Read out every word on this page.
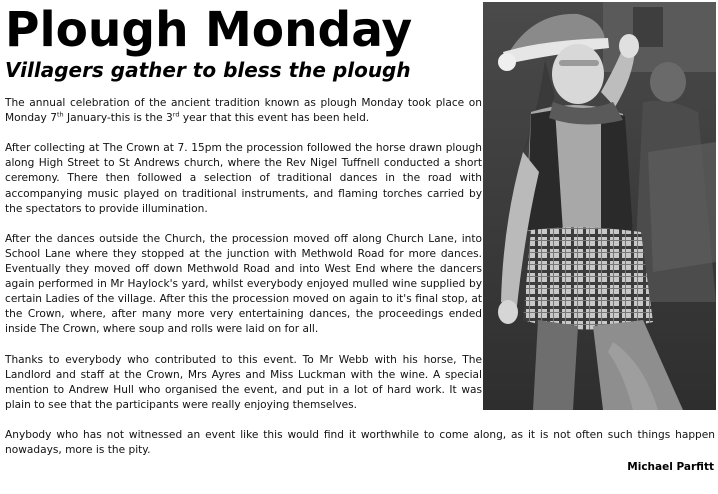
Plough Monday
Villagers gather to bless the plough

The annual celebration of the ancient tradition known as plough Monday took place on Monday 7th January-this is the 3rd year that this event has been held.

After collecting at The Crown at 7. 15pm the procession followed the horse drawn plough along High Street to St Andrews church, where the Rev Nigel Tuffnell conducted a short ceremony. There then followed a selection of traditional dances in the road with accompanying music played on traditional instruments, and flaming torches carried by the spectators to provide illumination.

After the dances outside the Church, the procession moved off along Church Lane, into School Lane where they stopped at the junction with Methwold Road for more dances. Eventually they moved off down Methwold Road and into West End where the dancers again performed in Mr Haylock's yard, whilst everybody enjoyed mulled wine supplied by certain Ladies of the village. After this the procession moved on again to it's final stop, at the Crown, where, after many more very entertaining dances, the proceedings ended inside The Crown, where soup and rolls were laid on for all.

Thanks to everybody who contributed to this event. To Mr Webb with his horse, The Landlord and staff at the Crown, Mrs Ayres and Miss Luckman with the wine. A special mention to Andrew Hull who organised the event, and put in a lot of hard work. It was plain to see that the participants were really enjoying themselves.

Anybody who has not witnessed an event like this would find it worthwhile to come along, as it is not often such things happen nowadays, more is the pity.

Michael Parfitt
